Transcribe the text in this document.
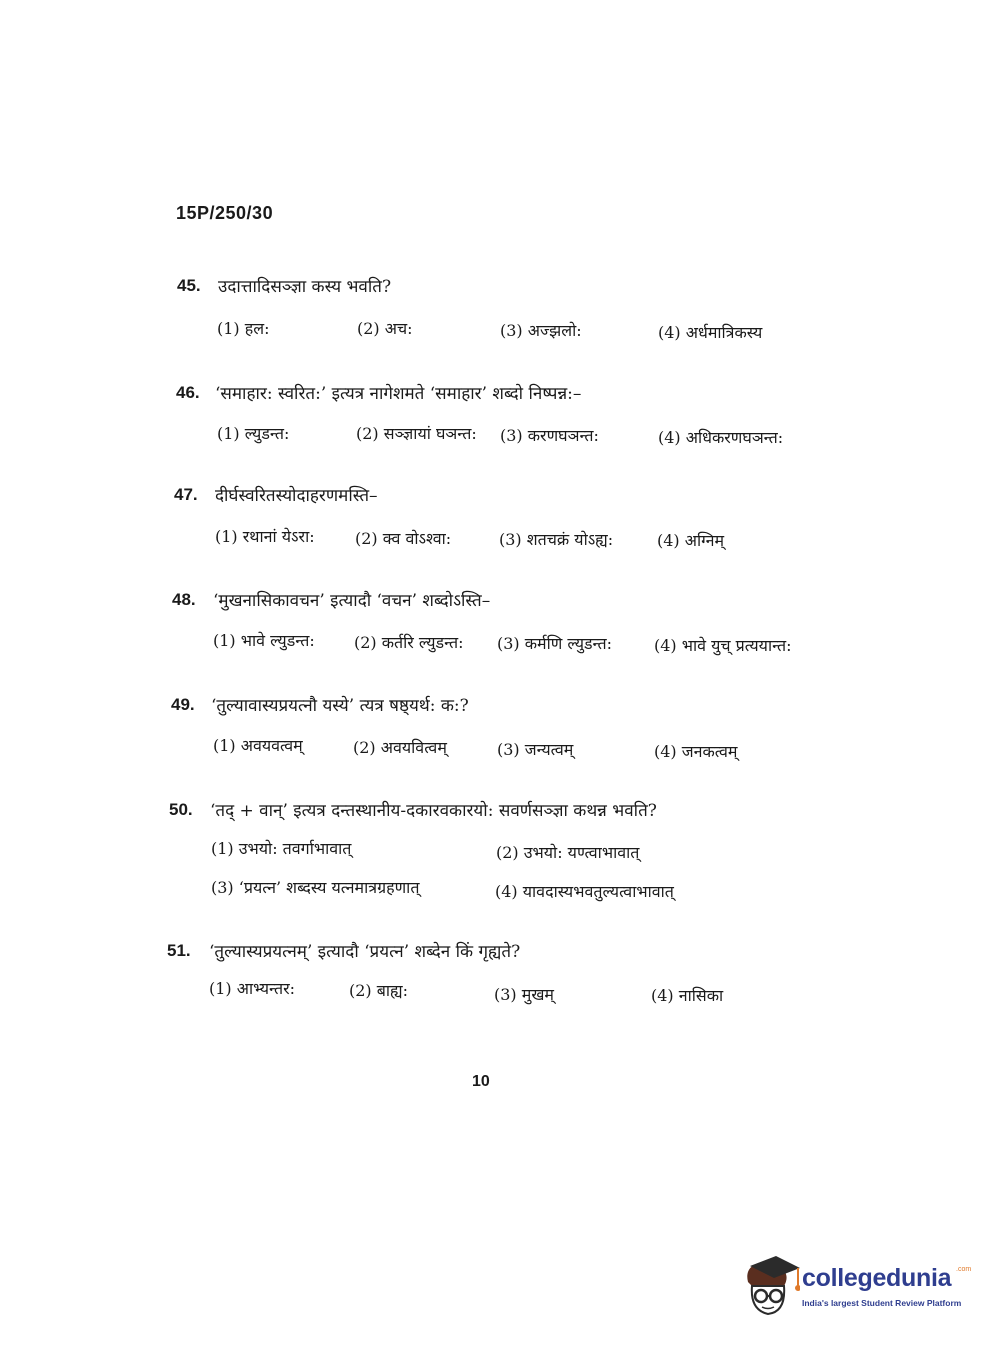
15P/250/30
45. उदात्तादिसञ्ज्ञा कस्य भवति?
(1) हल:	(2) अच:	(3) अज्झलो:	(4) अर्धमात्रिकस्य
46. ‘समाहार: स्वरित:’ इत्यत्र नागेशमते ‘समाहार’ शब्दो निष्पन्न:–
(1) ल्युडन्त:	(2) सञ्ज्ञायां घञन्त: (3) करणघञन्त:	(4) अधिकरणघञन्त:
47. दीर्घस्वरितस्योदाहरणमस्ति–
(1) रथानां येऽरा:	(2) क्व वोऽश्वा:	(3) शतचक्रं योऽह्य:	(4) अग्निम्
48. ‘मुखनासिकावचन’ इत्यादौ ‘वचन’ शब्दोऽस्ति–
(1) भावे ल्युडन्त: (2) कर्तरि ल्युडन्त: (3) कर्मणि ल्युडन्त:	(4) भावे युच् प्रत्ययान्त:
49. ‘तुल्यावास्यप्रयत्नौ यस्ये’ त्यत्र षष्ठ्यर्थ: क:?
(1) अवयवत्वम्	(2) अवयवित्वम्	(3) जन्यत्वम्	(4) जनकत्वम्
50. ‘तद् + वान्’ इत्यत्र दन्तस्थानीय-दकारवकारयो: सवर्णसञ्ज्ञा कथन्न भवति?
(1) उभयो: तवर्गाभावात्	(2) उभयो: यण्त्वाभावात्
(3) ‘प्रयत्न’ शब्दस्य यत्नमात्रग्रहणात्	(4) यावदास्यभवतुल्यत्वाभावात्
51. ‘तुल्यास्यप्रयत्नम्’ इत्यादौ ‘प्रयत्न’ शब्देन किं गृह्यते?
(1) आभ्यन्तर:	(2) बाह्य:	(3) मुखम्	(4) नासिका
10
collegedunia .com
India's largest Student Review Platform
